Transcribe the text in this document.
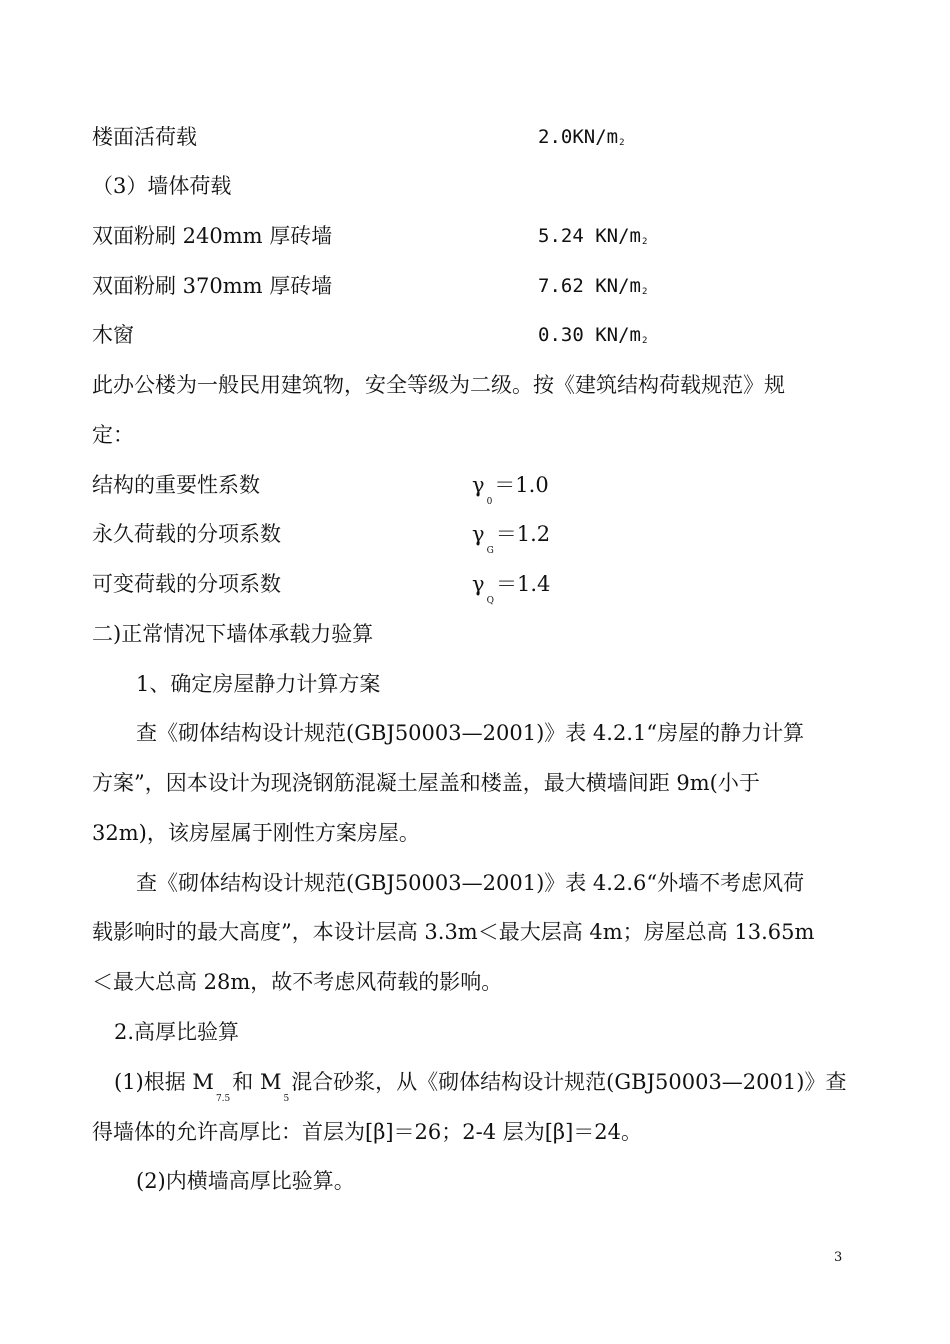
楼面活荷载	2.0KN/m2
（3）墙体荷载
双面粉刷 240mm 厚砖墙	5.24 KN/m2
双面粉刷 370mm 厚砖墙	7.62 KN/m2
木窗	0.30 KN/m2
此办公楼为一般民用建筑物，安全等级为二级。按《建筑结构荷载规范》规
定：
结构的重要性系数	$\gamma_0=1.0$
永久荷载的分项系数	$\gamma_G=1.2$
可变荷载的分项系数	$\gamma_Q=1.4$
二)正常情况下墙体承载力验算
1、确定房屋静力计算方案
查《砌体结构设计规范(GBJ50003—2001)》表 4.2.1“房屋的静力计算
方案”，因本设计为现浇钢筋混凝土屋盖和楼盖，最大横墙间距 9m(小于
32m)，该房屋属于刚性方案房屋。
查《砌体结构设计规范(GBJ50003—2001)》表 4.2.6“外墙不考虑风荷
载影响时的最大高度”，本设计层高 3.3m＜最大层高 4m；房屋总高 13.65m
＜最大总高 28m，故不考虑风荷载的影响。
2.高厚比验算
(1)根据 $M_{7.5}$和 $M_5$混合砂浆，从《砌体结构设计规范(GBJ50003—2001)》查
得墙体的允许高厚比：首层为[β]＝26；2-4 层为[β]＝24。
(2)内横墙高厚比验算。
3
